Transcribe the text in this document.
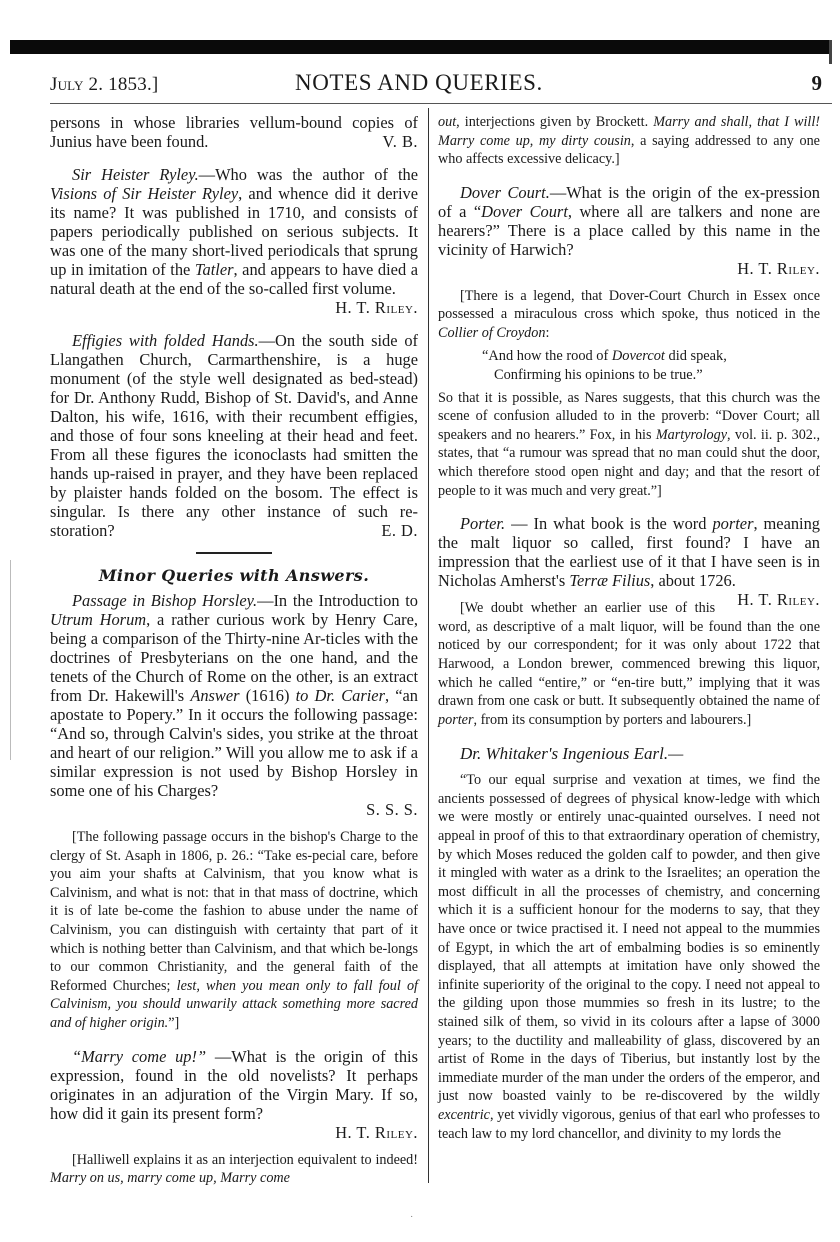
July 2. 1853.]	NOTES AND QUERIES.	9

persons in whose libraries vellum-bound copies of Junius have been found.	V. B.

Sir Heister Ryley.—Who was the author of the Visions of Sir Heister Ryley, and whence did it derive its name? It was published in 1710, and consists of papers periodically published on serious subjects. It was one of the many short-lived periodicals that sprung up in imitation of the Tatler, and appears to have died a natural death at the end of the so-called first volume.

H. T. Riley.

Effigies with folded Hands.—On the south side of Llangathen Church, Carmarthenshire, is a huge monument (of the style well designated as bed-stead) for Dr. Anthony Rudd, Bishop of St. David's, and Anne Dalton, his wife, 1616, with their recumbent effigies, and those of four sons kneeling at their head and feet. From all these figures the iconoclasts had smitten the hands up-raised in prayer, and they have been replaced by plaister hands folded on the bosom. The effect is singular. Is there any other instance of such re-storation?	E. D.

Minor Queries with Answers.

Passage in Bishop Horsley.—In the Introduction to Utrum Horum, a rather curious work by Henry Care, being a comparison of the Thirty-nine Ar-ticles with the doctrines of Presbyterians on the one hand, and the tenets of the Church of Rome on the other, is an extract from Dr. Hakewill's Answer (1616) to Dr. Carier, “an apostate to Popery.” In it occurs the following passage: “And so, through Calvin's sides, you strike at the throat and heart of our religion.” Will you allow me to ask if a similar expression is not used by Bishop Horsley in some one of his Charges?

S. S. S.

[The following passage occurs in the bishop's Charge to the clergy of St. Asaph in 1806, p. 26.: “Take es-pecial care, before you aim your shafts at Calvinism, that you know what is Calvinism, and what is not: that in that mass of doctrine, which it is of late be-come the fashion to abuse under the name of Calvinism, you can distinguish with certainty that part of it which is nothing better than Calvinism, and that which be-longs to our common Christianity, and the general faith of the Reformed Churches; lest, when you mean only to fall foul of Calvinism, you should unwarily attack something more sacred and of higher origin.”]

“Marry come up!” —What is the origin of this expression, found in the old novelists? It perhaps originates in an adjuration of the Virgin Mary. If so, how did it gain its present form?

H. T. Riley.

[Halliwell explains it as an interjection equivalent to indeed! Marry on us, marry come up, Marry come

out, interjections given by Brockett. Marry and shall, that I will! Marry come up, my dirty cousin, a saying addressed to any one who affects excessive delicacy.]

Dover Court.—What is the origin of the ex-pression of a “Dover Court, where all are talkers and none are hearers?” There is a place called by this name in the vicinity of Harwich?

H. T. Riley.

[There is a legend, that Dover-Court Church in Essex once possessed a miraculous cross which spoke, thus noticed in the Collier of Croydon:

“And how the rood of Dovercot did speak,
Confirming his opinions to be true.”

So that it is possible, as Nares suggests, that this church was the scene of confusion alluded to in the proverb: “Dover Court; all speakers and no hearers.” Fox, in his Martyrology, vol. ii. p. 302., states, that “a rumour was spread that no man could shut the door, which therefore stood open night and day; and that the resort of people to it was much and very great.”]

Porter. — In what book is the word porter, meaning the malt liquor so called, first found? I have an impression that the earliest use of it that I have seen is in Nicholas Amherst's Terræ Filius, about 1726.
H. T. Riley.

[We doubt whether an earlier use of this word, as descriptive of a malt liquor, will be found than the one noticed by our correspondent; for it was only about 1722 that Harwood, a London brewer, commenced brewing this liquor, which he called “entire,” or “en-tire butt,” implying that it was drawn from one cask or butt. It subsequently obtained the name of porter, from its consumption by porters and labourers.]

Dr. Whitaker's Ingenious Earl.—

“To our equal surprise and vexation at times, we find the ancients possessed of degrees of physical know-ledge with which we were mostly or entirely unac-quainted ourselves. I need not appeal in proof of this to that extraordinary operation of chemistry, by which Moses reduced the golden calf to powder, and then give it mingled with water as a drink to the Israelites; an operation the most difficult in all the processes of chemistry, and concerning which it is a sufficient honour for the moderns to say, that they have once or twice practised it. I need not appeal to the mummies of Egypt, in which the art of embalming bodies is so eminently displayed, that all attempts at imitation have only showed the infinite superiority of the original to the copy. I need not appeal to the gilding upon those mummies so fresh in its lustre; to the stained silk of them, so vivid in its colours after a lapse of 3000 years; to the ductility and malleability of glass, discovered by an artist of Rome in the days of Tiberius, but instantly lost by the immediate murder of the man under the orders of the emperor, and just now boasted vainly to be re-discovered by the wildly excentric, yet vividly vigorous, genius of that earl who professes to teach law to my lord chancellor, and divinity to my lords the

˙
